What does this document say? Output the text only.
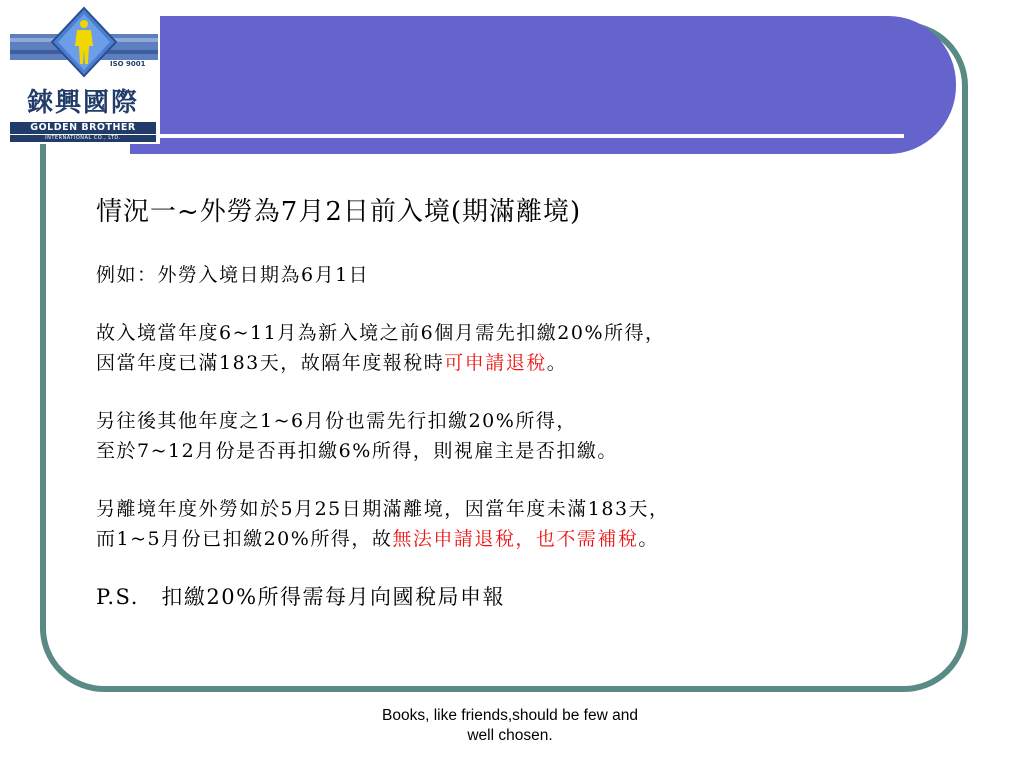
ISO 9001
錸興國際
GOLDEN BROTHER
INTERNATIONAL CO., LTD.
情況一~外勞為7月2日前入境(期滿離境)
例如：外勞入境日期為6月1日
故入境當年度6~11月為新入境之前6個月需先扣繳20%所得，
因當年度已滿183天，故隔年度報稅時可申請退稅。
另往後其他年度之1~6月份也需先行扣繳20%所得，
至於7~12月份是否再扣繳6%所得，則視雇主是否扣繳。
另離境年度外勞如於5月25日期滿離境，因當年度未滿183天，
而1~5月份已扣繳20%所得，故無法申請退稅，也不需補稅。
P.S.　扣繳20%所得需每月向國稅局申報
Books, like friends,should be few and
well chosen.
